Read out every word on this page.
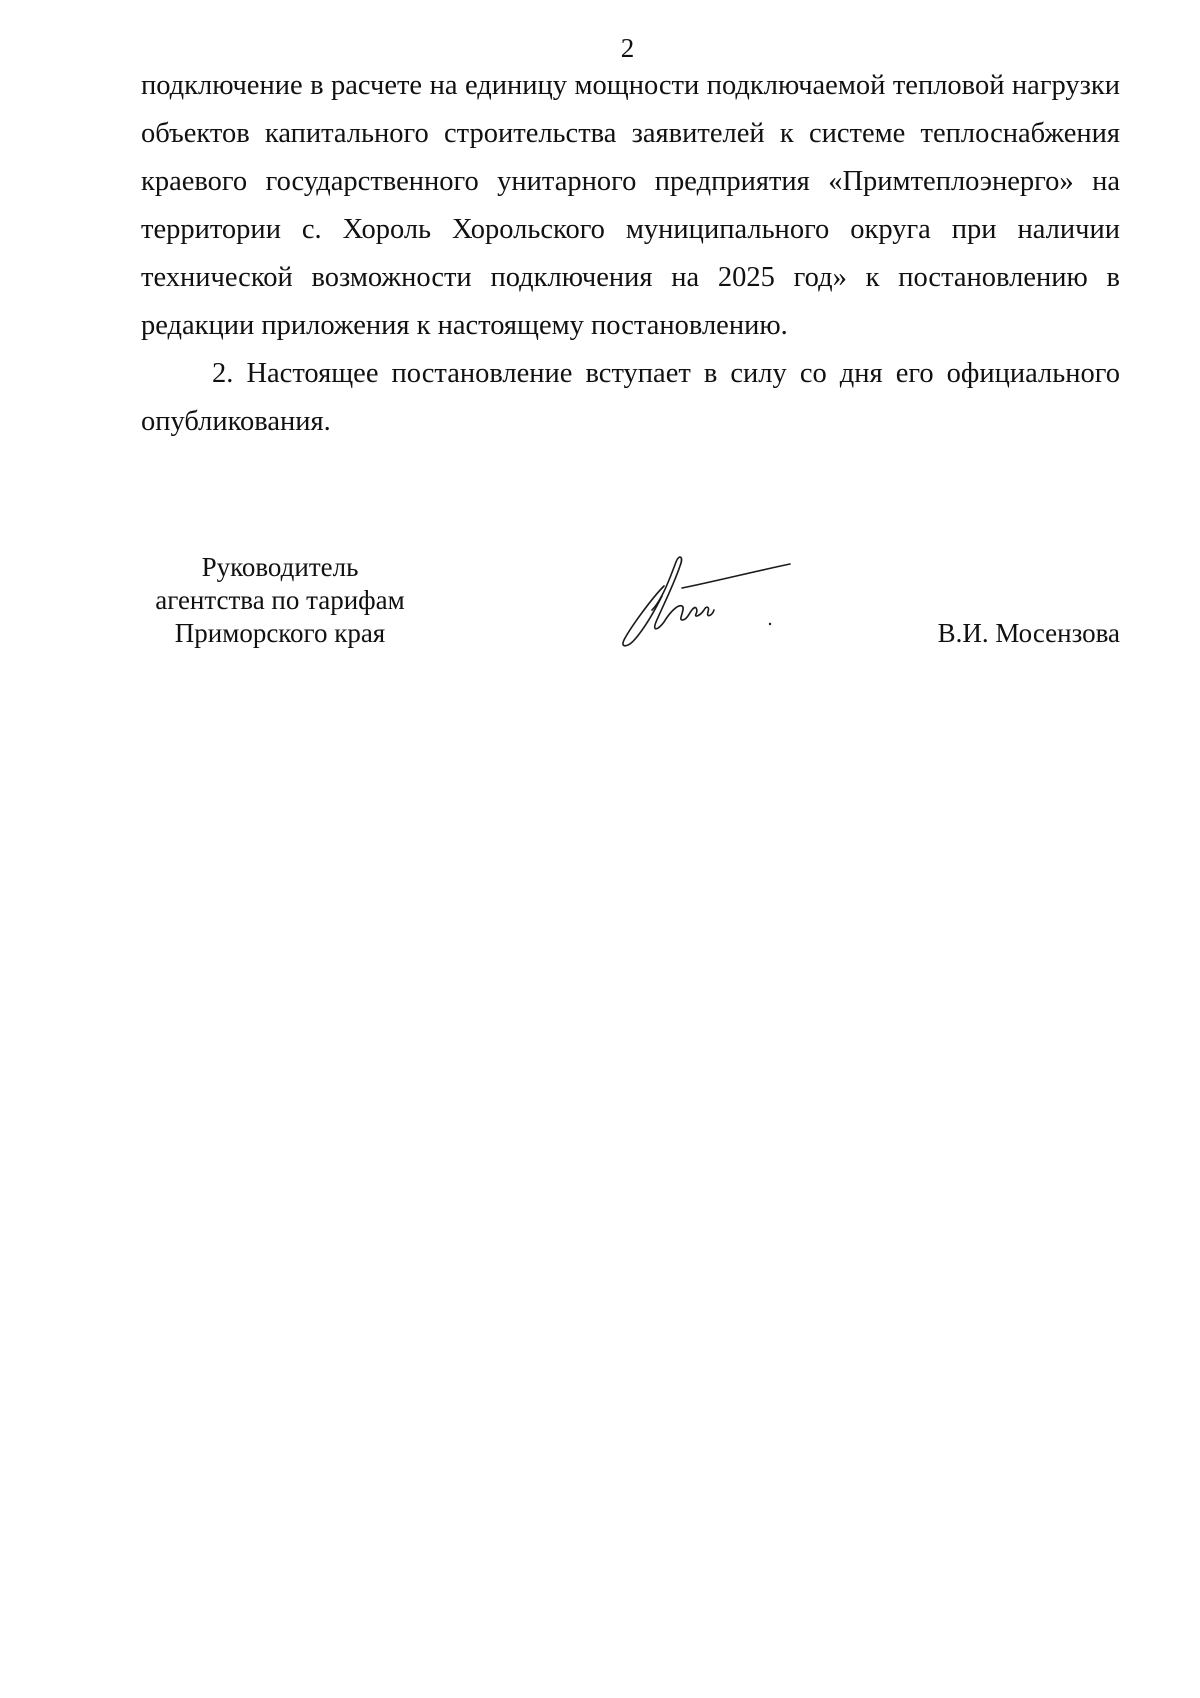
2

подключение в расчете на единицу мощности подключаемой тепловой нагрузки
объектов капитального строительства заявителей к системе теплоснабжения
краевого государственного унитарного предприятия «Примтеплоэнерго» на
территории с. Хороль Хорольского муниципального округа при наличии
технической возможности подключения на 2025 год» к постановлению в
редакции приложения к настоящему постановлению.

2. Настоящее постановление вступает в силу со дня его официального
опубликования.

Руководитель
агентства по тарифам
Приморского края	В.И. Мосензова
